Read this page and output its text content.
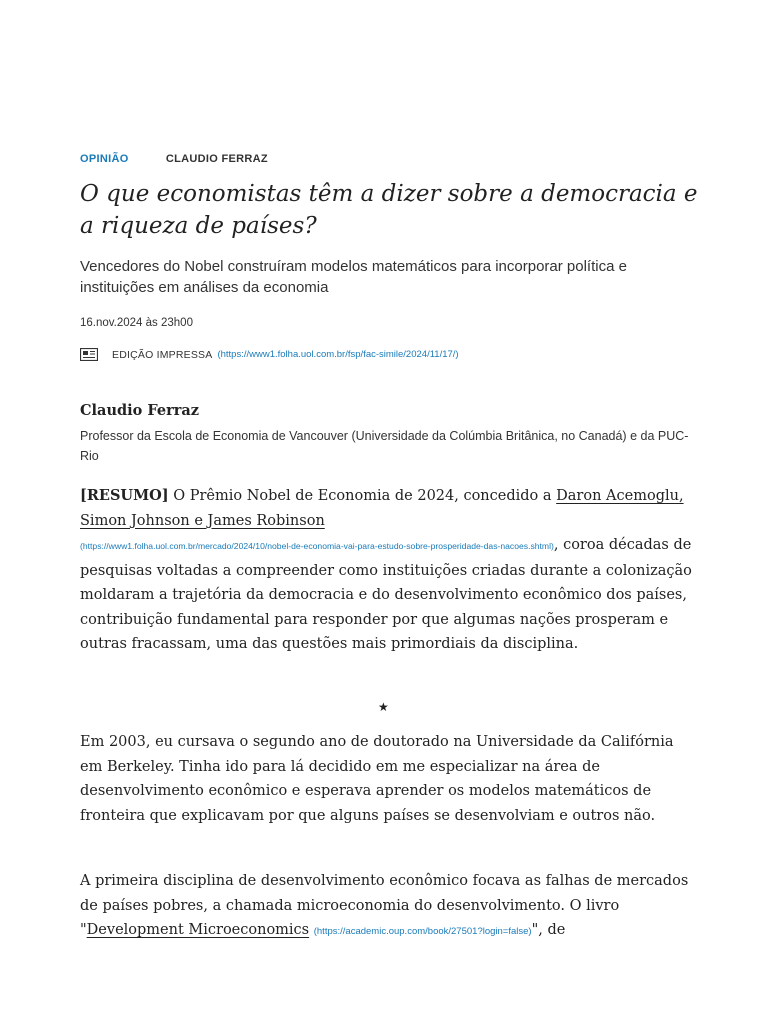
OPINIÃO	CLAUDIO FERRAZ
O que economistas têm a dizer sobre a democracia e a riqueza de países?

Vencedores do Nobel construíram modelos matemáticos para incorporar política e instituições em análises da economia

16.nov.2024 às 23h00
EDIÇÃO IMPRESSA (https://www1.folha.uol.com.br/fsp/fac-simile/2024/11/17/)
Claudio Ferraz
Professor da Escola de Economia de Vancouver (Universidade da Colúmbia Britânica, no Canadá) e da PUC-Rio

[RESUMO] O Prêmio Nobel de Economia de 2024, concedido a Daron Acemoglu, Simon Johnson e James Robinson
(https://www1.folha.uol.com.br/mercado/2024/10/nobel-de-economia-vai-para-estudo-sobre-prosperidade-das-nacoes.shtml), coroa décadas de pesquisas voltadas a compreender como instituições criadas durante a colonização moldaram a trajetória da democracia e do desenvolvimento econômico dos países, contribuição fundamental para responder por que algumas nações prosperam e outras fracassam, uma das questões mais primordiais da disciplina.

★

Em 2003, eu cursava o segundo ano de doutorado na Universidade da Califórnia em Berkeley. Tinha ido para lá decidido em me especializar na área de desenvolvimento econômico e esperava aprender os modelos matemáticos de fronteira que explicavam por que alguns países se desenvolviam e outros não.

A primeira disciplina de desenvolvimento econômico focava as falhas de mercados de países pobres, a chamada microeconomia do desenvolvimento. O livro "Development Microeconomics (https://academic.oup.com/book/27501?login=false)", de
